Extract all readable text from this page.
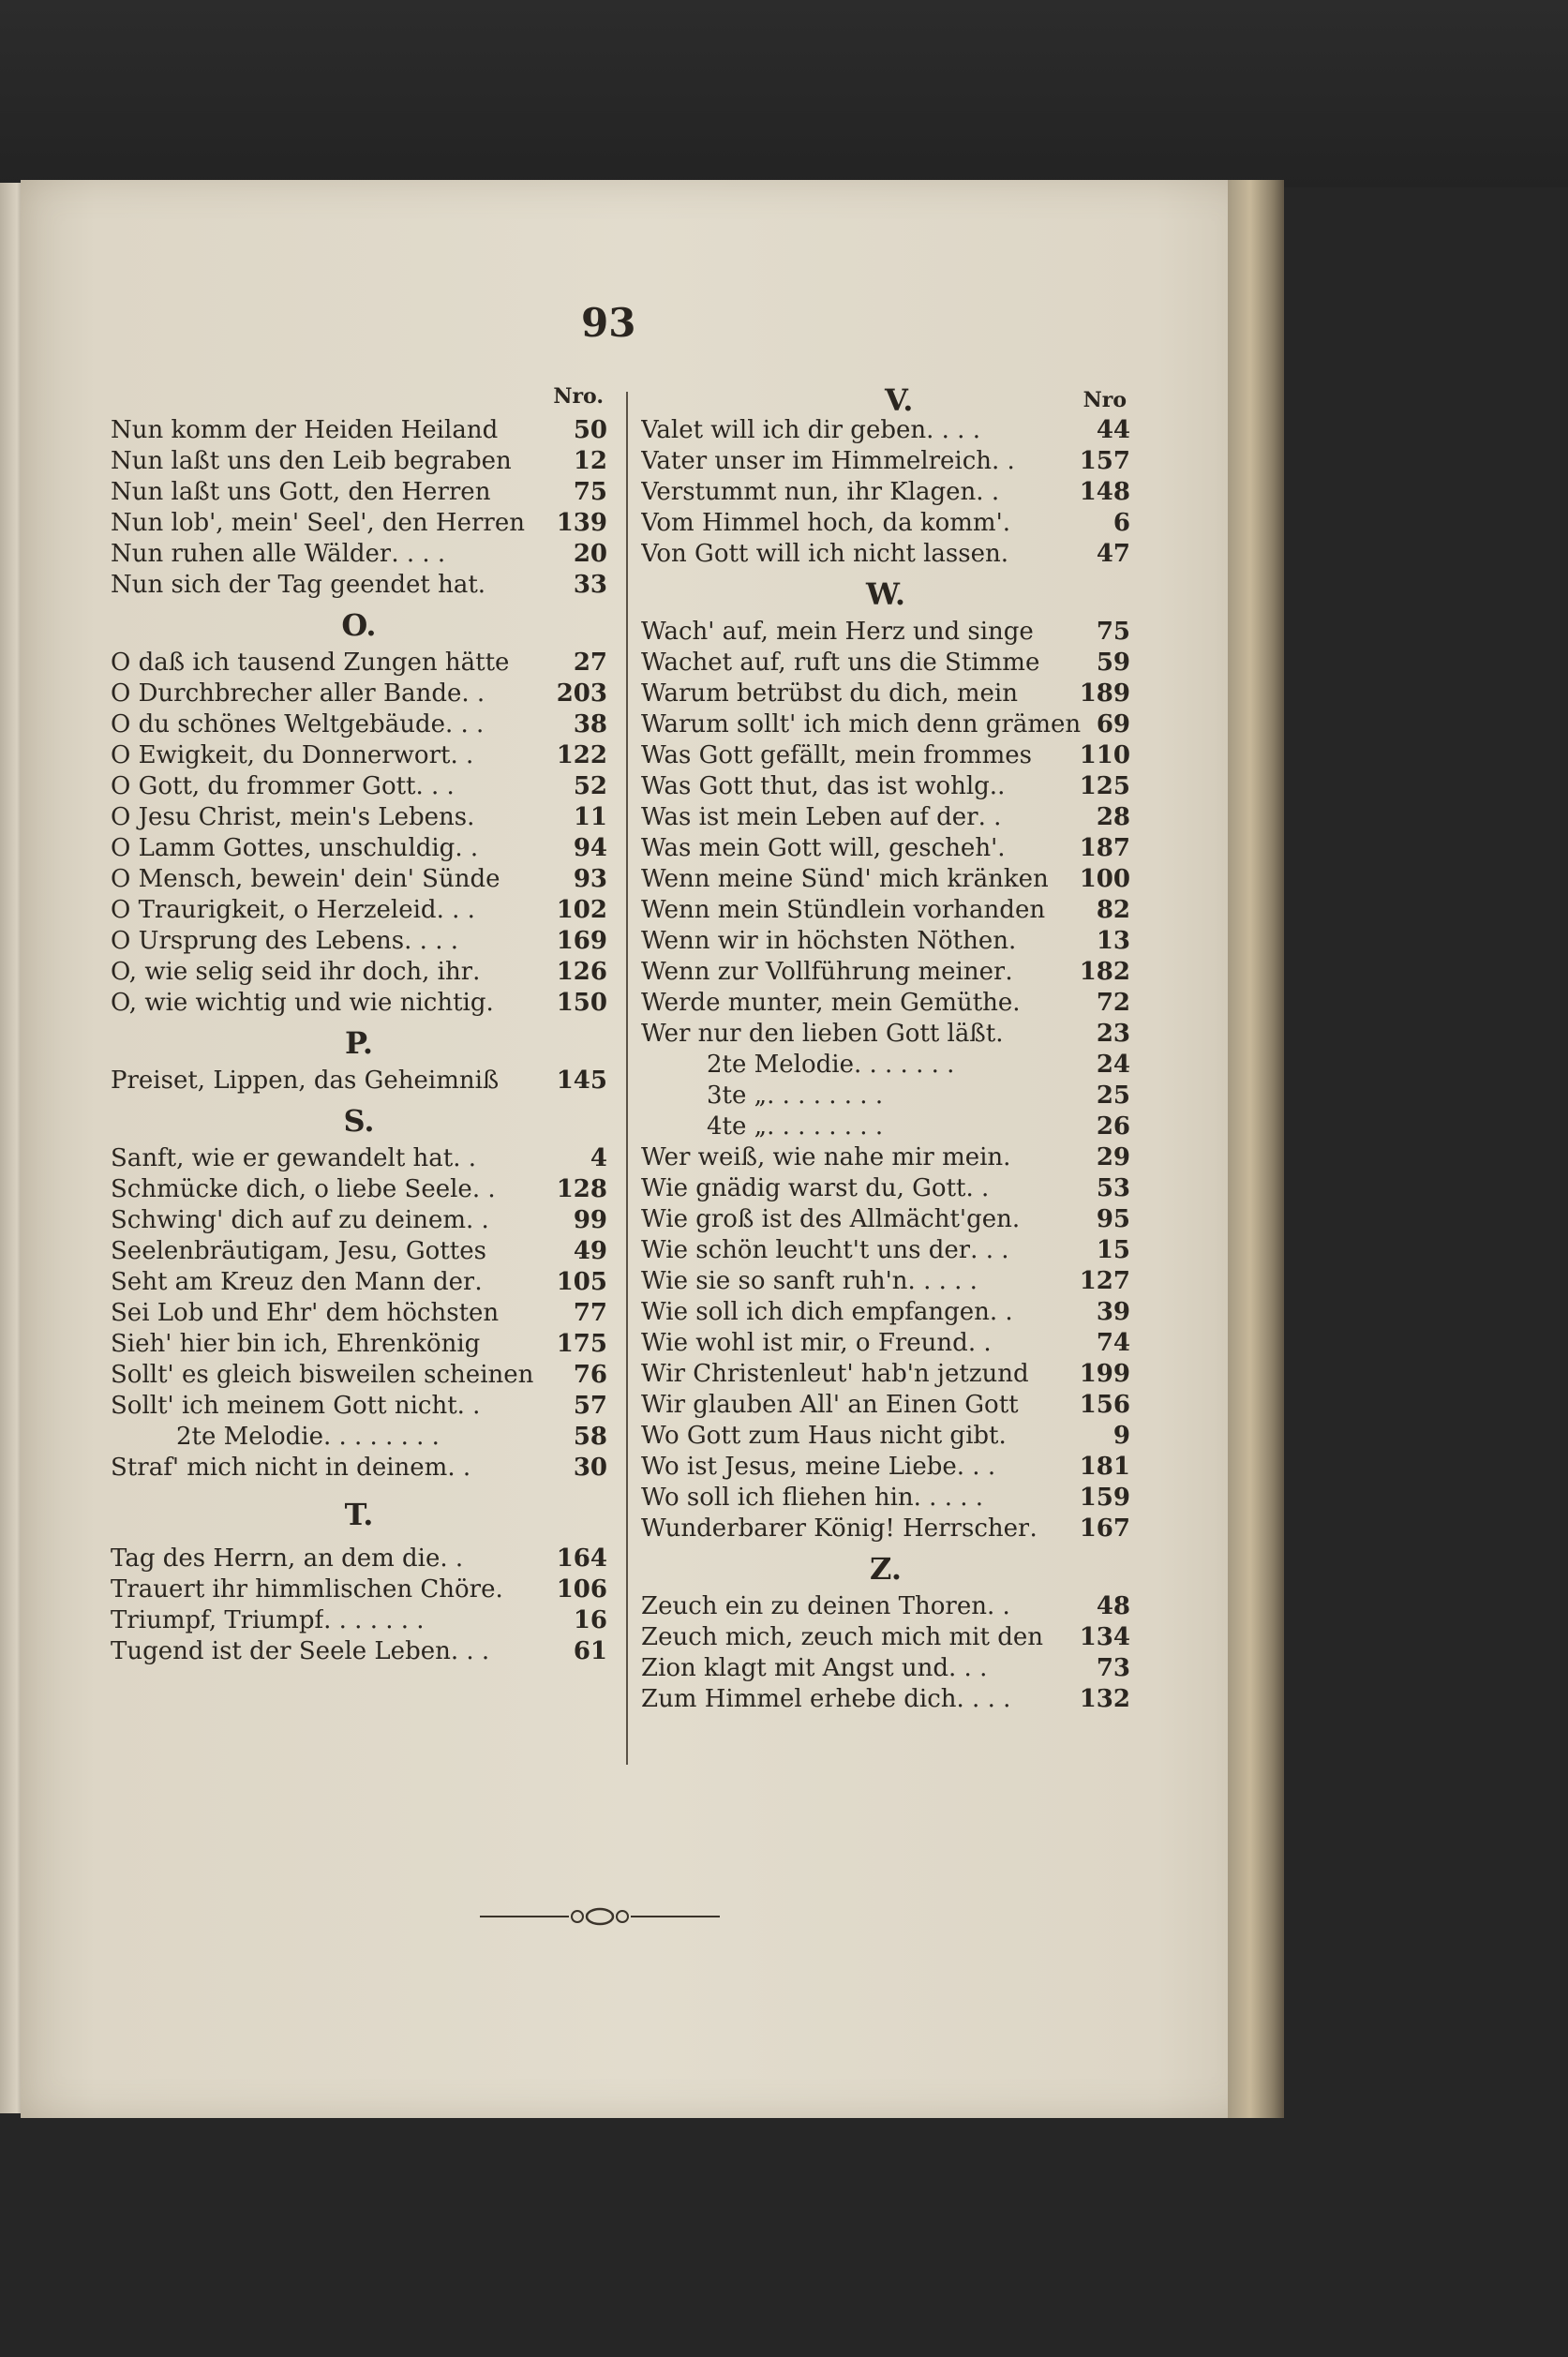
93
Nro.
Nun komm der Heiden Heiland	50
Nun laßt uns den Leib begraben	12
Nun laßt uns Gott, den Herren	75
Nun lob', mein' Seel', den Herren 139
Nun ruhen alle Wälder . . . .	20
Nun sich der Tag geendet hat .	33
O.
O daß ich tausend Zungen hätte	27
O Durchbrecher aller Bande . .	203
O du schönes Weltgebäude . . .	38
O Ewigkeit, du Donnerwort . .	122
O Gott, du frommer Gott . . .	52
O Jesu Christ, mein's Lebens .	11
O Lamm Gottes, unschuldig . .	94
O Mensch, bewein' dein' Sünde	93
O Traurigkeit, o Herzeleid . . .	102
O Ursprung des Lebens . . . .	169
O, wie selig seid ihr doch, ihr .	126
O, wie wichtig und wie nichtig .	150
P.
Preiset, Lippen, das Geheimniß 145
S.
Sanft, wie er gewandelt hat . .	4
Schmücke dich, o liebe Seele . .	128
Schwing' dich auf zu deinem . .	99
Seelenbräutigam, Jesu, Gottes	49
Seht am Kreuz den Mann der .	105
Sei Lob und Ehr' dem höchsten	77
Sieh' hier bin ich, Ehrenkönig	175
Sollt' es gleich bisweilen scheinen 76
Sollt' ich meinem Gott nicht . .	57
2te Melodie . . . . . . . .	58
Straf' mich nicht in deinem . .	30
T.
Tag des Herrn, an dem die . .	164
Trauert ihr himmlischen Chöre .	106
Triumpf, Triumpf . . . . . . .	16
Tugend ist der Seele Leben . . .	61
V.	Nro
Valet will ich dir geben . . . .	44
Vater unser im Himmelreich . .	157
Verstummt nun, ihr Klagen . .	148
Vom Himmel hoch, da komm' .	6
Von Gott will ich nicht lassen .	47
W.
Wach' auf, mein Herz und singe	75
Wachet auf, ruft uns die Stimme 59
Warum betrübst du dich, mein	189
Warum sollt' ich mich denn grämen 69
Was Gott gefällt, mein frommes 110
Was Gott thut, das ist wohlg. .	125
Was ist mein Leben auf der . .	28
Was mein Gott will, gescheh' .	187
Wenn meine Sünd' mich kränken 100
Wenn mein Stündlein vorhanden 82
Wenn wir in höchsten Nöthen .	13
Wenn zur Vollführung meiner .	182
Werde munter, mein Gemüthe .	72
Wer nur den lieben Gott läßt .	23
2te Melodie . . . . . . .	24
3te „ . . . . . . . .	25
4te „ . . . . . . . .	26
Wer weiß, wie nahe mir mein .	29
Wie gnädig warst du, Gott . .	53
Wie groß ist des Allmächt'gen .	95
Wie schön leucht't uns der . . .	15
Wie sie so sanft ruh'n . . . . .	127
Wie soll ich dich empfangen . .	39
Wie wohl ist mir, o Freund . .	74
Wir Christenleut' hab'n jetzund 199
Wir glauben All' an Einen Gott	156
Wo Gott zum Haus nicht gibt .	9
Wo ist Jesus, meine Liebe . . .	181
Wo soll ich fliehen hin . . . . .	159
Wunderbarer König! Herrscher .	167
Z.
Zeuch ein zu deinen Thoren . .	48
Zeuch mich, zeuch mich mit den 134
Zion klagt mit Angst und . . .	73
Zum Himmel erhebe dich . . . .	132
